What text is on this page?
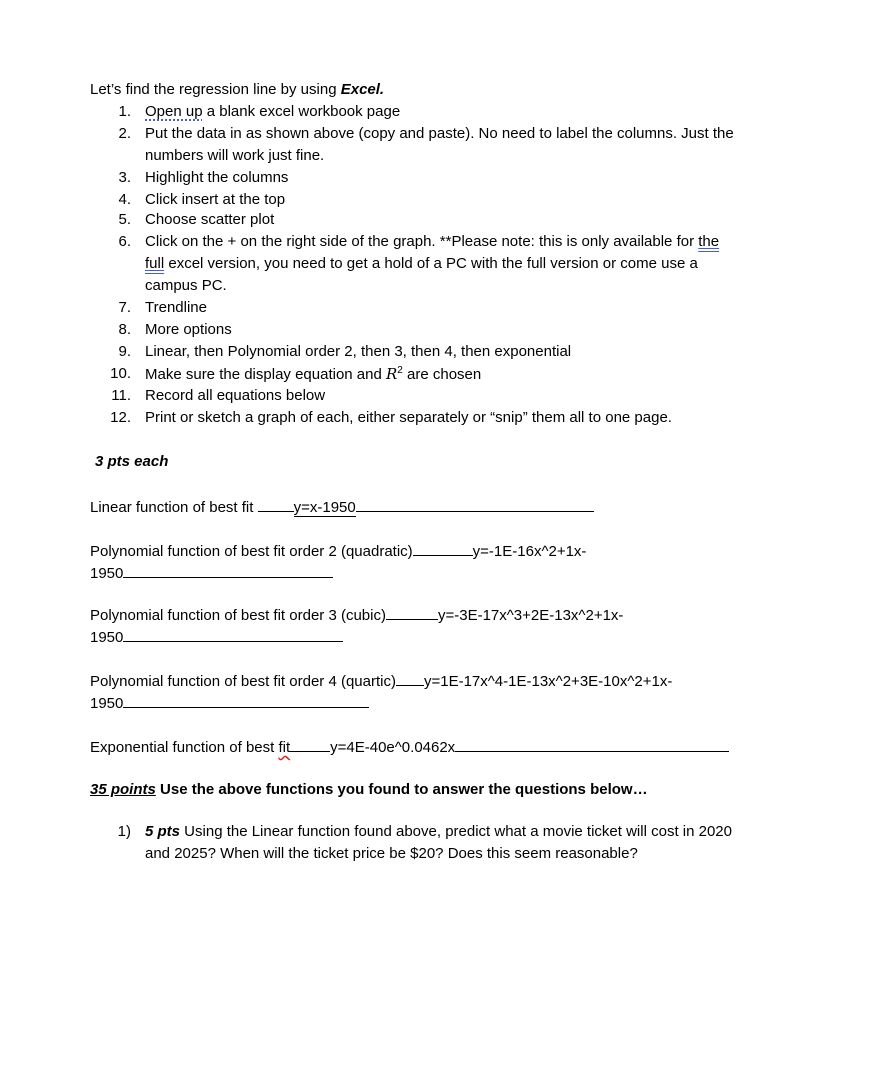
Let’s find the regression line by using Excel.
1. Open up a blank excel workbook page
2. Put the data in as shown above (copy and paste). No need to label the columns. Just the
numbers will work just fine.
3. Highlight the columns
4. Click insert at the top
5. Choose scatter plot
6. Click on the + on the right side of the graph. **Please note: this is only available for the
full excel version, you need to get a hold of a PC with the full version or come use a
campus PC.
7. Trendline
8. More options
9. Linear, then Polynomial order 2, then 3, then 4, then exponential
10. Make sure the display equation and $R^2$ are chosen
11. Record all equations below
12. Print or sketch a graph of each, either separately or “snip” them all to one page.
3 pts each
Linear function of best fit y=x-1950
Polynomial function of best fit order 2 (quadratic)	y=-1E-16x^2+1x-
1950
Polynomial function of best fit order 3 (cubic)	y=-3E-17x^3+2E-13x^2+1x-
1950
Polynomial function of best fit order 4 (quartic) y=1E-17x^4-1E-13x^2+3E-10x^2+1x-
1950
Exponential function of best fit	y=4E-40e^0.0462x
35 points Use the above functions you found to answer the questions below…
1) 5 pts Using the Linear function found above, predict what a movie ticket will cost in 2020
and 2025? When will the ticket price be $20? Does this seem reasonable?
